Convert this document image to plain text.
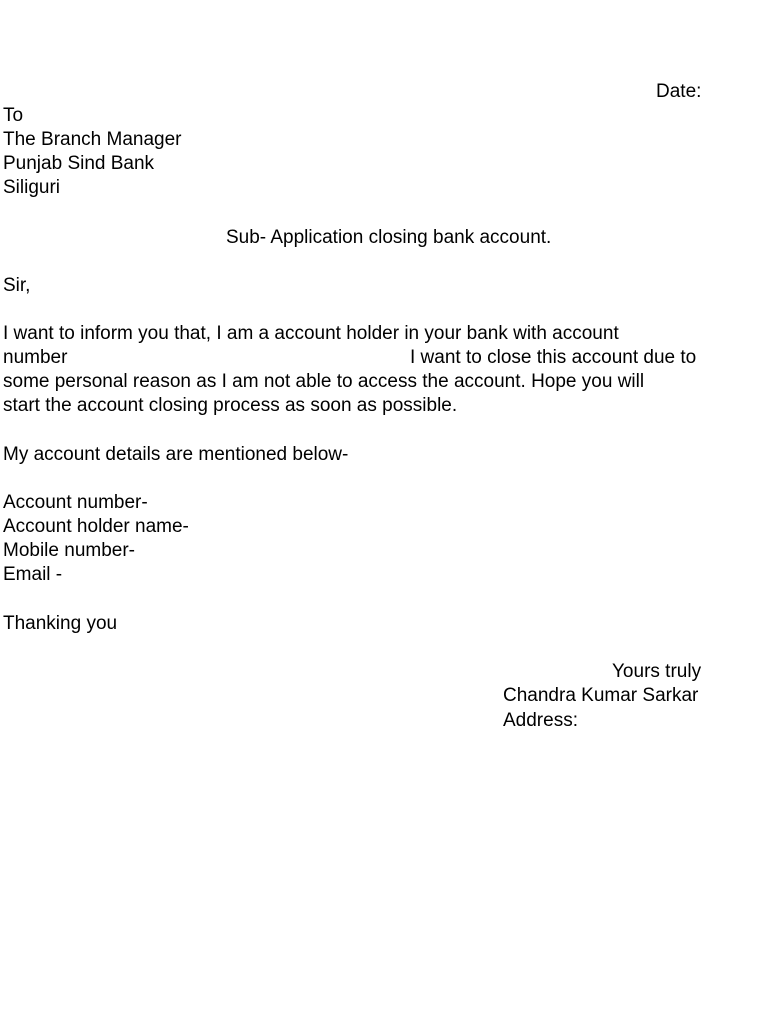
Date:
To
The Branch Manager
Punjab Sind Bank
Siliguri
Sub- Application closing bank account.
Sir,
I want to inform you that, I am a account holder in your bank with account
number	I want to close this account due to
some personal reason as I am not able to access the account. Hope you will
start the account closing process as soon as possible.
My account details are mentioned below-
Account number-
Account holder name-
Mobile number-
Email -
Thanking you
Yours truly
Chandra Kumar Sarkar
Address:
